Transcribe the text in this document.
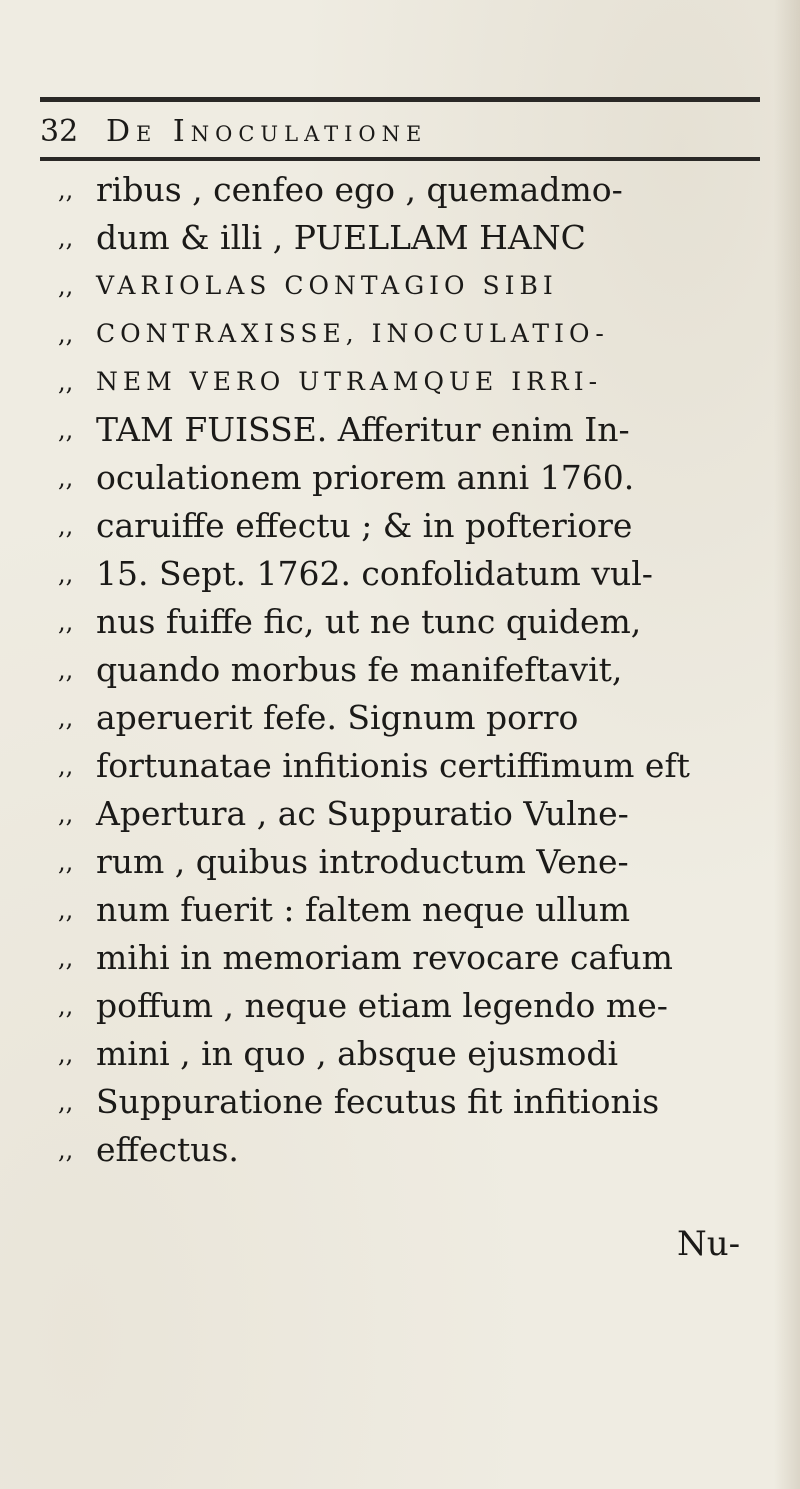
32 De Inoculatione
,, ribus , cenfeo ego , quemadmo-
,, dum & illi , PUELLAM HANC
,, VARIOLAS CONTAGIO SIBI
,, CONTRAXISSE, INOCULATIO-
,, NEM VERO UTRAMQUE IRRI-
,, TAM FUISSE. Afferitur enim In-
,, oculationem priorem anni 1760.
,, caruiffe effectu ; & in pofteriore
,, 15. Sept. 1762. confolidatum vul-
,, nus fuiffe fic, ut ne tunc quidem,
,, quando morbus fe manifeftavit,
,, aperuerit fefe. Signum porro
,, fortunatae infitionis certiffimum eft
,, Apertura , ac Suppuratio Vulne-
,, rum , quibus introductum Vene-
,, num fuerit : faltem neque ullum
,, mihi in memoriam revocare cafum
,, poffum , neque etiam legendo me-
,, mini , in quo , absque ejusmodi
,, Suppuratione fecutus fit infitionis
,, effectus.
Nu-
